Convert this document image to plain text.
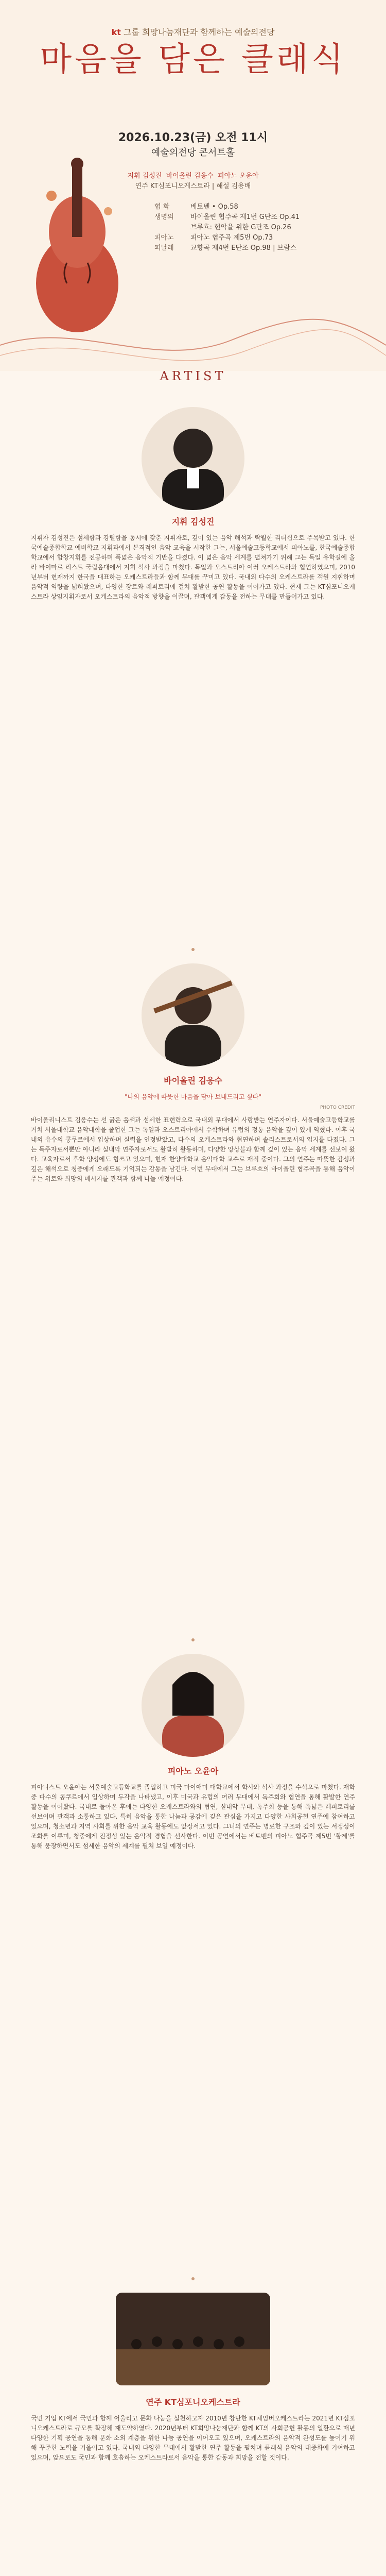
kt 그룹 희망나눔재단과 함께하는 예술의전당
마음을 담은 클래식
2026.10.23(금) 오전 11시
예술의전당 콘서트홀
지휘 김성진 바이올린 김응수 피아노 오윤아
연주 KT심포니오케스트라 | 해설 김용배
협 화	베토벤 • Op.58
생명의	바이올린 협주곡 제1번 G단조 Op.41
브루흐: 현악을 위한 G단조 Op.26
피아노	피아노 협주곡 제5번 Op.73
피날레	교향곡 제4번 E단조 Op.98 | 브람스
ARTIST
지휘 김성진
지휘자 김성진은 섬세함과 강렬함을 동시에 갖춘 지휘자로, 깊이 있는 음악 해석과 탁월한 리더십으로 주목받고 있다. 한국예술종합학교 예비학교 지휘과에서 본격적인 음악 교육을 시작한 그는, 서울예술고등학교에서 피아노를, 한국예술종합학교에서 합창지휘를 전공하며 폭넓은 음악적 기반을 다졌다. 이 넓은 음악 세계를 펼쳐가기 위해 그는 독일 유학길에 올라 바이마르 리스트 국립음대에서 지휘 석사 과정을 마쳤다. 독일과 오스트리아 여러 오케스트라와 협연하였으며, 2010년부터 현재까지 한국을 대표하는 오케스트라들과 함께 무대를 꾸미고 있다. 국내외 다수의 오케스트라를 객원 지휘하며 음악적 역량을 넓혀왔으며, 다양한 장르와 레퍼토리에 걸쳐 활발한 공연 활동을 이어가고 있다. 현재 그는 KT심포니오케스트라 상임지휘자로서 오케스트라의 음악적 방향을 이끌며, 관객에게 감동을 전하는 무대를 만들어가고 있다.
바이올린 김응수
"나의 음악에 따뜻한 마음을 담아 보내드리고 싶다"
PHOTO CREDIT
바이올리니스트 김응수는 선 굵은 음색과 섬세한 표현력으로 국내외 무대에서 사랑받는 연주자이다. 서울예술고등학교를 거쳐 서울대학교 음악대학을 졸업한 그는 독일과 오스트리아에서 수학하며 유럽의 정통 음악을 깊이 있게 익혔다. 이후 국내외 유수의 콩쿠르에서 입상하며 실력을 인정받았고, 다수의 오케스트라와 협연하며 솔리스트로서의 입지를 다졌다. 그는 독주자로서뿐만 아니라 실내악 연주자로서도 활발히 활동하며, 다양한 앙상블과 함께 깊이 있는 음악 세계를 선보여 왔다. 교육자로서 후학 양성에도 힘쓰고 있으며, 현재 한양대학교 음악대학 교수로 재직 중이다. 그의 연주는 따뜻한 감성과 깊은 해석으로 청중에게 오래도록 기억되는 감동을 남긴다. 이번 무대에서 그는 브루흐의 바이올린 협주곡을 통해 음악이 주는 위로와 희망의 메시지를 관객과 함께 나눌 예정이다.
피아노 오윤아
피아니스트 오윤아는 서울예술고등학교를 졸업하고 미국 마이애미 대학교에서 학사와 석사 과정을 수석으로 마쳤다. 재학 중 다수의 콩쿠르에서 입상하며 두각을 나타냈고, 이후 미국과 유럽의 여러 무대에서 독주회와 협연을 통해 활발한 연주 활동을 이어왔다. 국내로 돌아온 후에는 다양한 오케스트라와의 협연, 실내악 무대, 독주회 등을 통해 폭넓은 레퍼토리를 선보이며 관객과 소통하고 있다. 특히 음악을 통한 나눔과 공감에 깊은 관심을 가지고 다양한 사회공헌 연주에 참여하고 있으며, 청소년과 지역 사회를 위한 음악 교육 활동에도 앞장서고 있다. 그녀의 연주는 명료한 구조와 깊이 있는 서정성이 조화를 이루며, 청중에게 진정성 있는 음악적 경험을 선사한다. 이번 공연에서는 베토벤의 피아노 협주곡 제5번 '황제'를 통해 웅장하면서도 섬세한 음악의 세계를 펼쳐 보일 예정이다.
연주 KT심포니오케스트라
국민 기업 KT에서 국민과 함께 어울리고 문화 나눔을 실천하고자 2010년 창단한 KT체임버오케스트라는 2021년 KT심포니오케스트라로 규모를 확장해 재도약하였다. 2020년부터 KT희망나눔재단과 함께 KT의 사회공헌 활동의 일환으로 매년 다양한 기획 공연을 통해 문화 소외 계층을 위한 나눔 공연을 이어오고 있으며, 오케스트라의 음악적 완성도를 높이기 위해 꾸준한 노력을 기울이고 있다. 국내외 다양한 무대에서 활발한 연주 활동을 펼치며 클래식 음악의 대중화에 기여하고 있으며, 앞으로도 국민과 함께 호흡하는 오케스트라로서 음악을 통한 감동과 희망을 전할 것이다.
